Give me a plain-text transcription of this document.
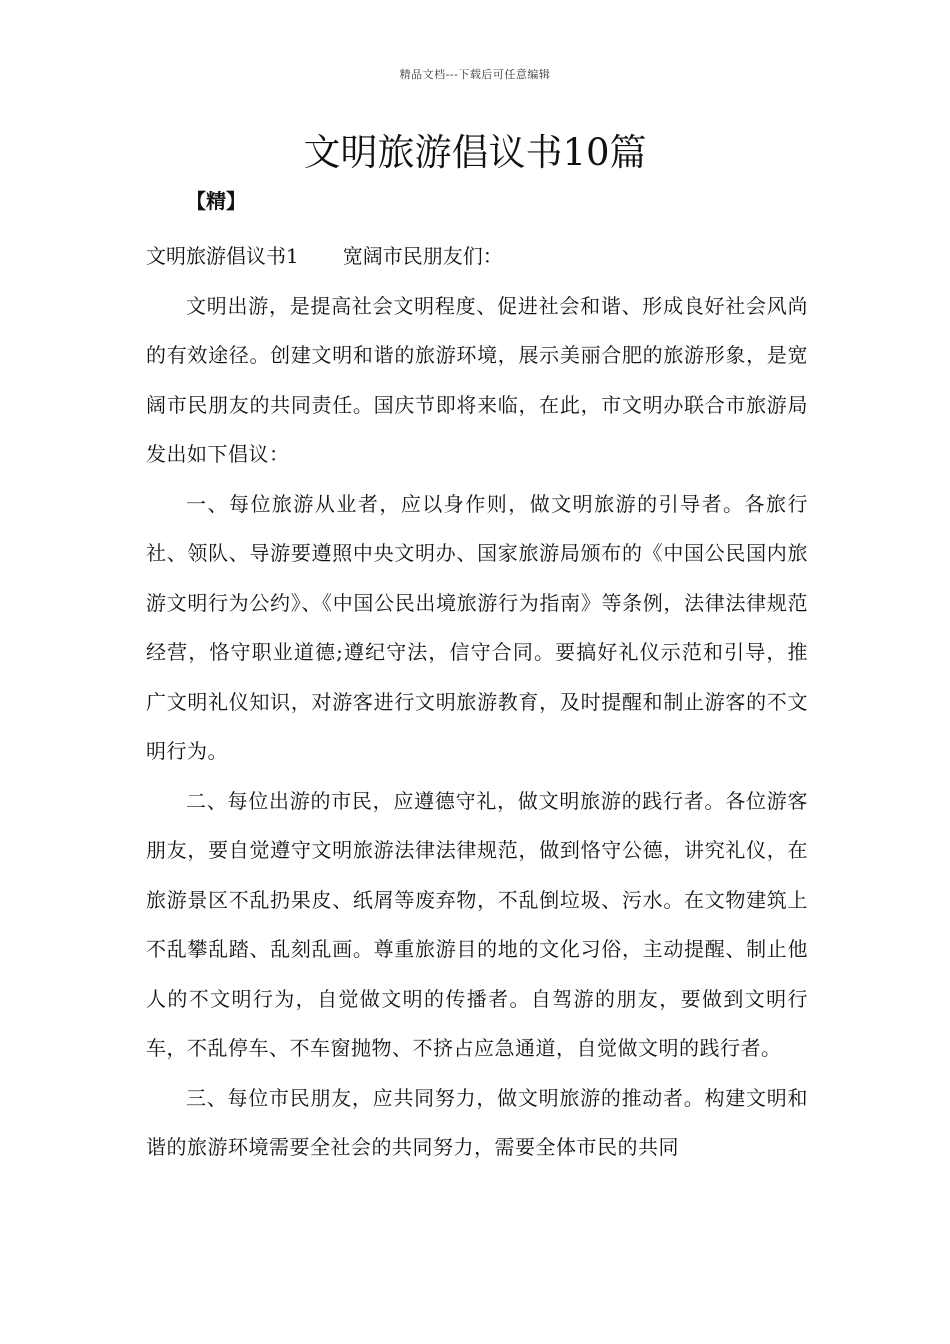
精品文档---下载后可任意编辑
文明旅游倡议书10篇
【精】

文明旅游倡议书1 宽阔市民朋友们：

文明出游，是提高社会文明程度、促进社会和谐、形成良好社会风尚的有效途径。创建文明和谐的旅游环境，展示美丽合肥的旅游形象，是宽阔市民朋友的共同责任。国庆节即将来临，在此，市文明办联合市旅游局发出如下倡议：

一、每位旅游从业者，应以身作则，做文明旅游的引导者。各旅行社、领队、导游要遵照中央文明办、国家旅游局颁布的《中国公民国内旅游文明行为公约》、《中国公民出境旅游行为指南》等条例，法律法律规范经营，恪守职业道德;遵纪守法，信守合同。要搞好礼仪示范和引导，推广文明礼仪知识，对游客进行文明旅游教育，及时提醒和制止游客的不文明行为。

二、每位出游的市民，应遵德守礼，做文明旅游的践行者。各位游客朋友，要自觉遵守文明旅游法律法律规范，做到恪守公德，讲究礼仪，在旅游景区不乱扔果皮、纸屑等废弃物，不乱倒垃圾、污水。在文物建筑上不乱攀乱踏、乱刻乱画。尊重旅游目的地的文化习俗，主动提醒、制止他人的不文明行为，自觉做文明的传播者。自驾游的朋友，要做到文明行车，不乱停车、不车窗抛物、不挤占应急通道，自觉做文明的践行者。

三、每位市民朋友，应共同努力，做文明旅游的推动者。构建文明和谐的旅游环境需要全社会的共同努力，需要全体市民的共同
